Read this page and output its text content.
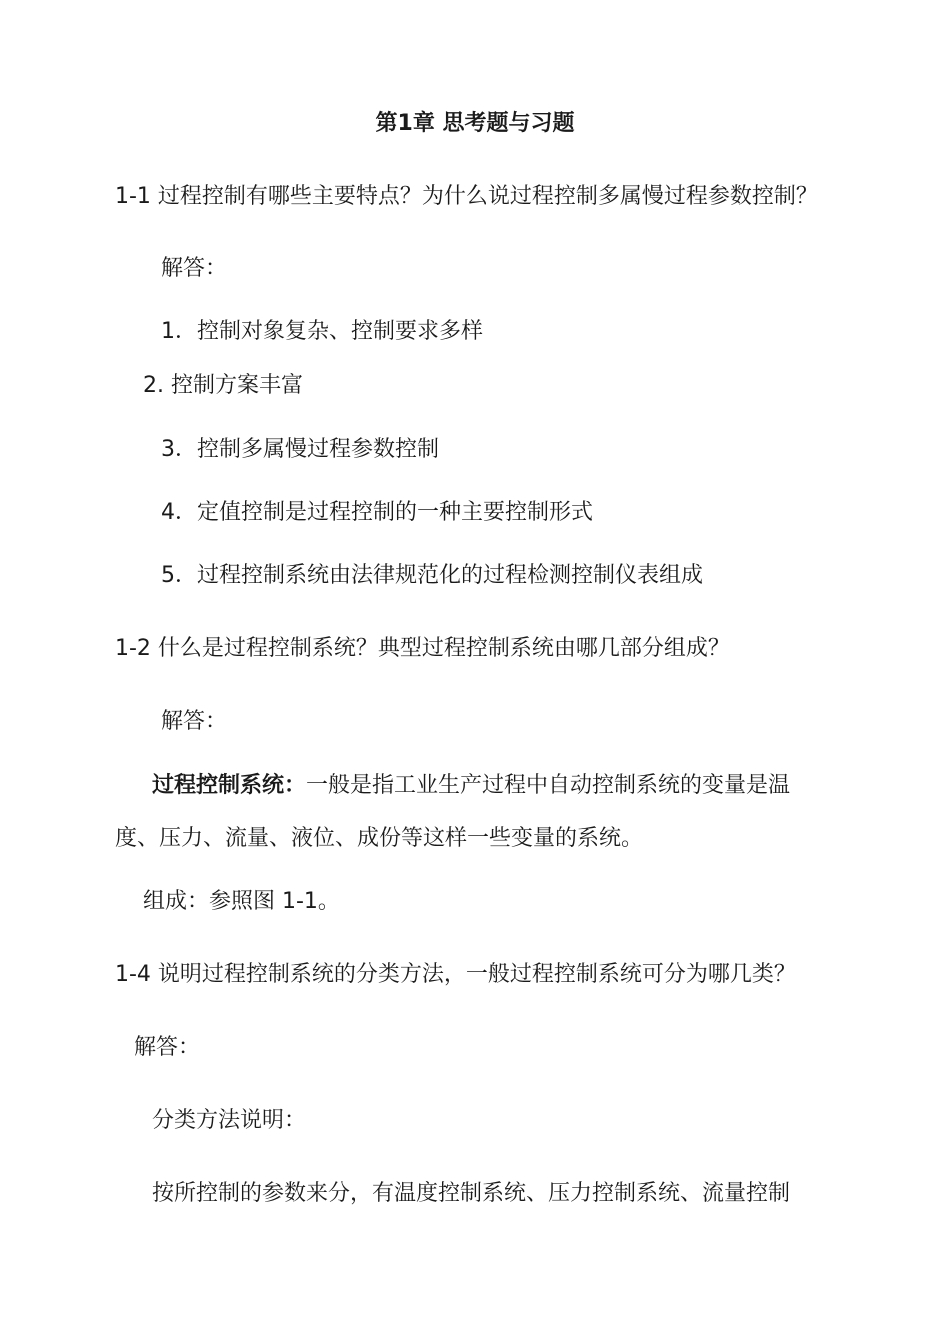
第1章 思考题与习题

1-1 过程控制有哪些主要特点？为什么说过程控制多属慢过程参数控制？

解答：

1．控制对象复杂、控制要求多样

2. 控制方案丰富

3．控制多属慢过程参数控制

4．定值控制是过程控制的一种主要控制形式

5．过程控制系统由法律规范化的过程检测控制仪表组成

1-2 什么是过程控制系统？典型过程控制系统由哪几部分组成？

解答：

过程控制系统：一般是指工业生产过程中自动控制系统的变量是温

度、压力、流量、液位、成份等这样一些变量的系统。

组成：参照图 1-1。

1-4 说明过程控制系统的分类方法，一般过程控制系统可分为哪几类？

解答：

分类方法说明：

按所控制的参数来分，有温度控制系统、压力控制系统、流量控制
